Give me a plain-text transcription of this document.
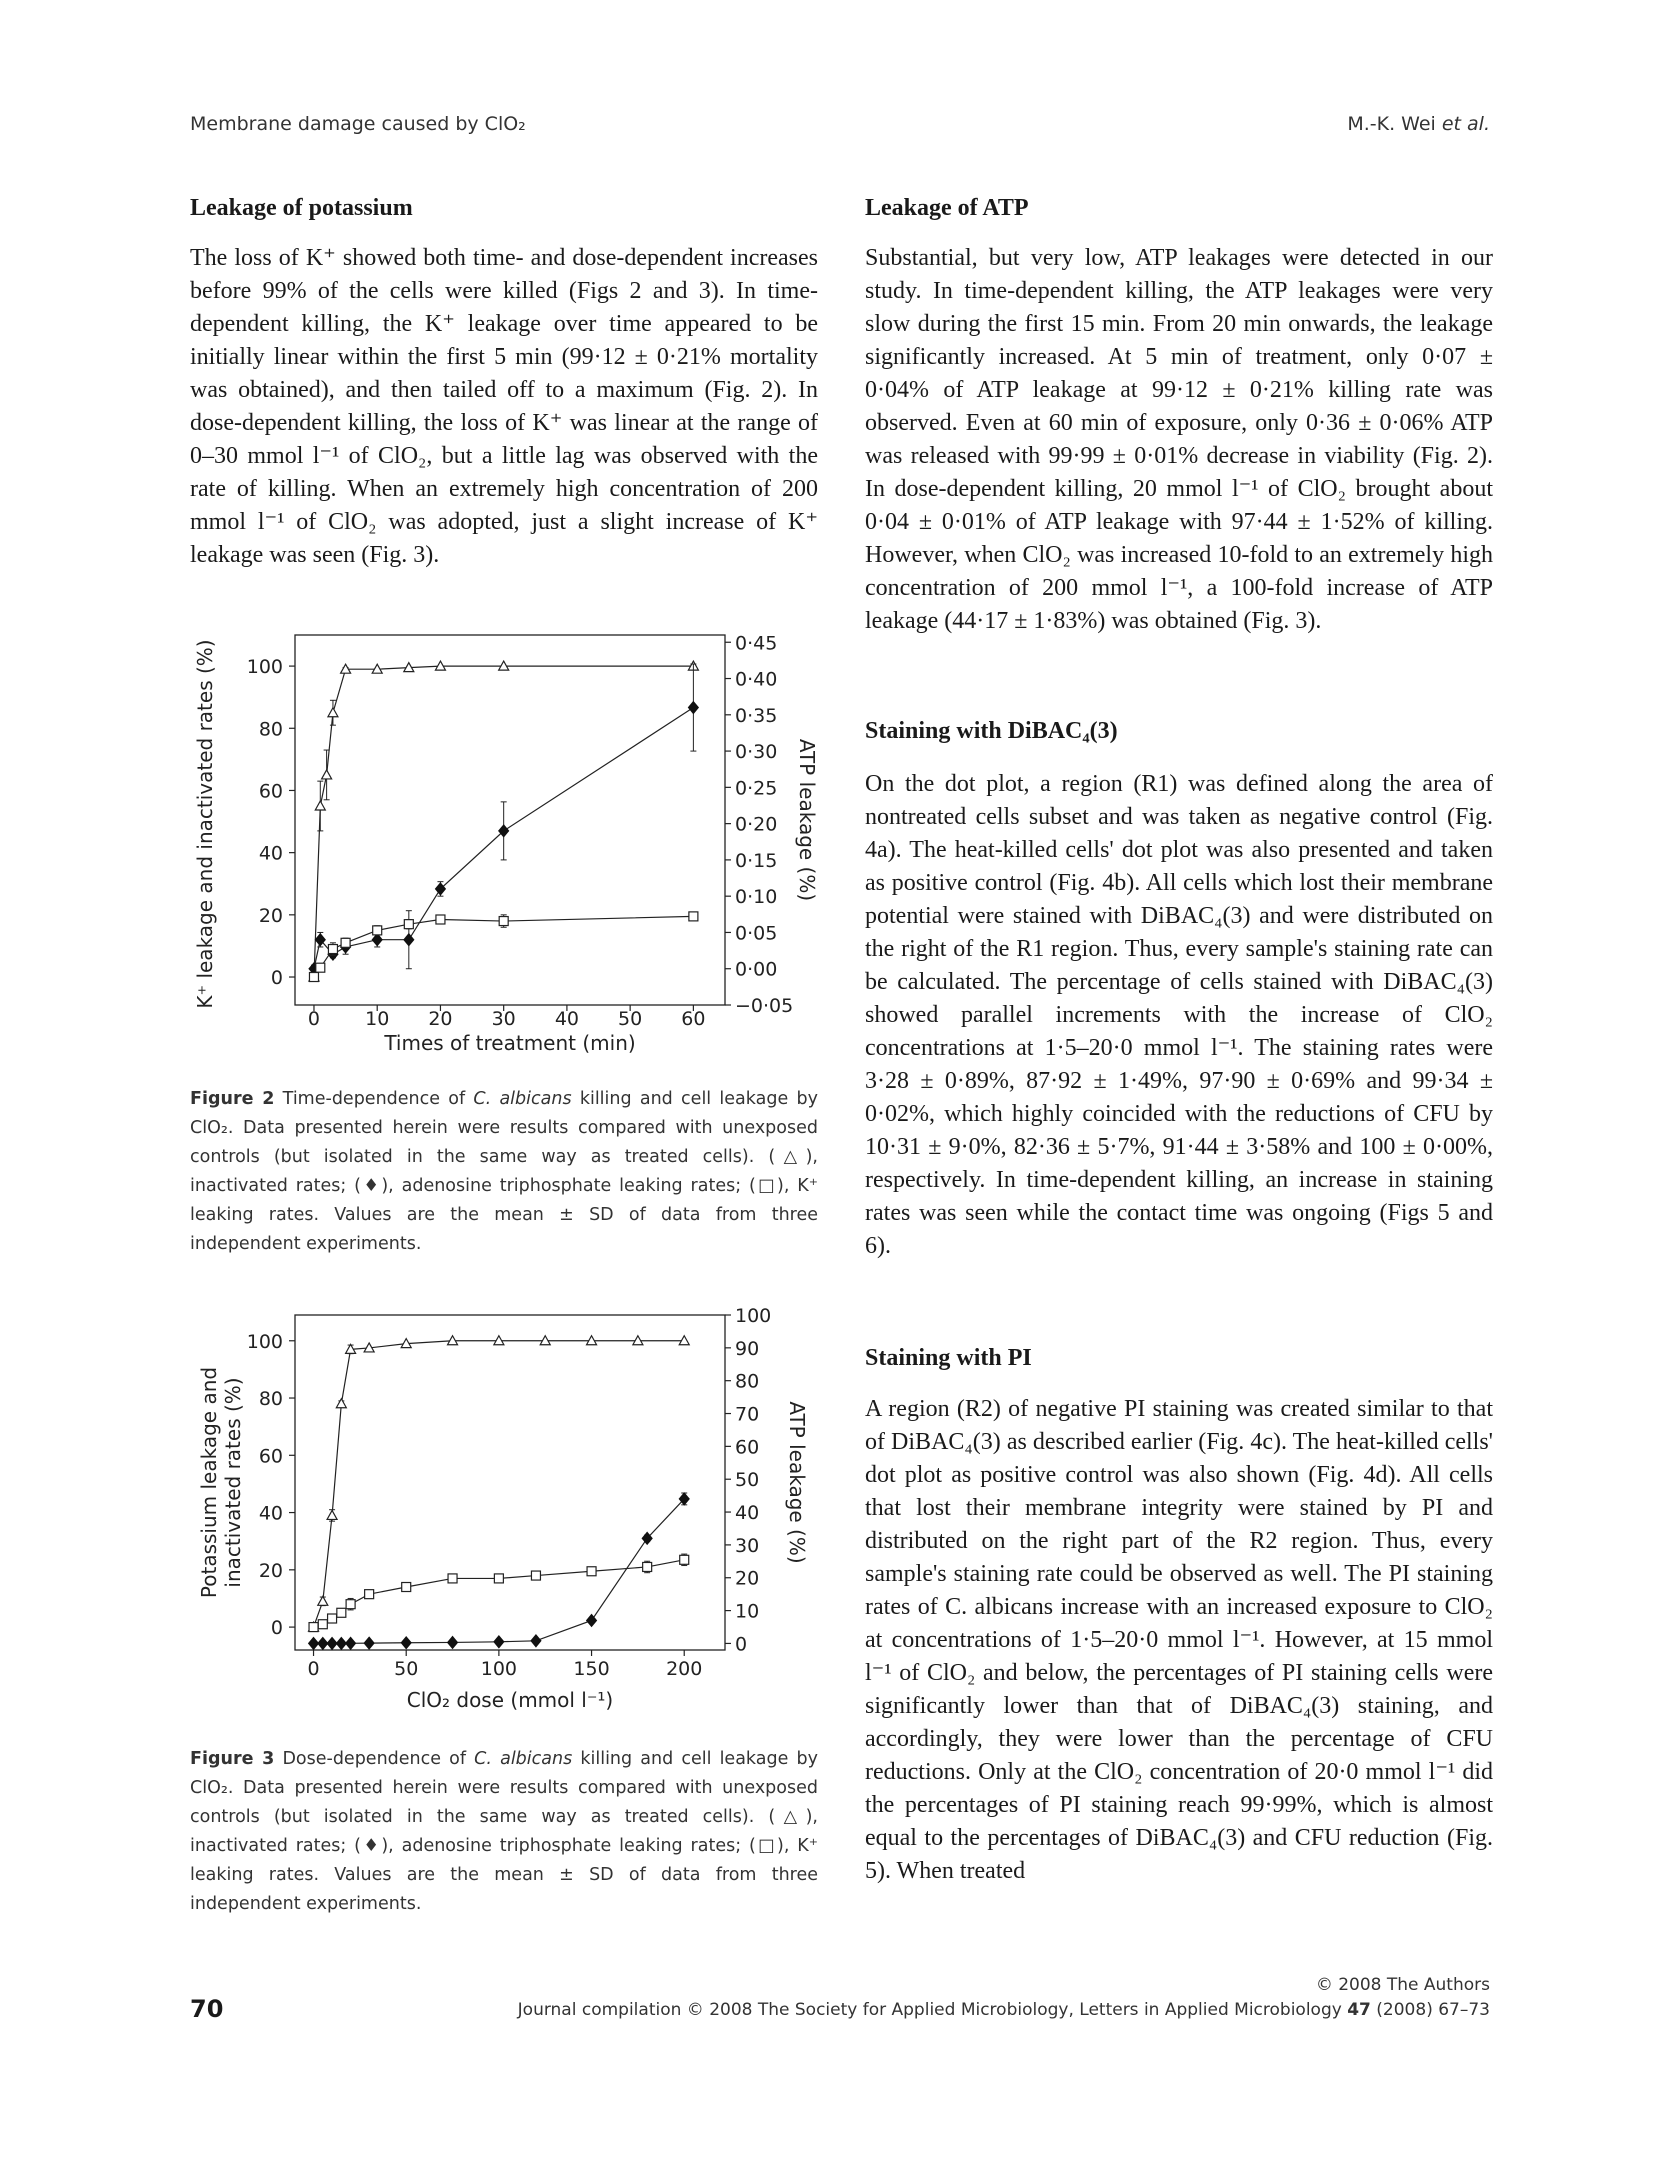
Membrane damage caused by ClO₂	M.-K. Wei et al.
Leakage of potassium
The loss of K⁺ showed both time- and dose-dependent increases before 99% of the cells were killed (Figs 2 and 3). In time-dependent killing, the K⁺ leakage over time appeared to be initially linear within the first 5 min (99·12 ± 0·21% mortality was obtained), and then tailed off to a maximum (Fig. 2). In dose-dependent killing, the loss of K⁺ was linear at the range of 0–30 mmol l⁻¹ of ClO₂, but a little lag was observed with the rate of killing. When an extremely high concentration of 200 mmol l⁻¹ of ClO₂ was adopted, just a slight increase of K⁺ leakage was seen (Fig. 3).
0 10 20 30 40 50 60
0
20
40
60
80
100
0·45
0·40
0·35
0·30
0·25
0·20
0·15
0·10
0·05
0·00
−0·05
Times of treatment (min)
K⁺ leakage and inactivated rates (%)	ATP leakage (%)
Figure 2 Time-dependence of C. albicans killing and cell leakage by ClO₂. Data presented herein were results compared with unexposed controls (but isolated in the same way as treated cells). (△), inactivated rates; (♦), adenosine triphosphate leaking rates; (□), K⁺ leaking rates. Values are the mean ± SD of data from three independent experiments.
0	50	100	150	200
0
20
40
60
80
100
0
10
20
30
40
50
60
70
80
90
100
ClO₂ dose (mmol l⁻¹)
Potassium leakage and inactivated rates (%)	ATP leakage (%)
Figure 3 Dose-dependence of C. albicans killing and cell leakage by ClO₂. Data presented herein were results compared with unexposed controls (but isolated in the same way as treated cells). (△), inactivated rates; (♦), adenosine triphosphate leaking rates; (□), K⁺ leaking rates. Values are the mean ± SD of data from three independent experiments.
Leakage of ATP
Substantial, but very low, ATP leakages were detected in our study. In time-dependent killing, the ATP leakages were very slow during the first 15 min. From 20 min onwards, the leakage significantly increased. At 5 min of treatment, only 0·07 ± 0·04% of ATP leakage at 99·12 ± 0·21% killing rate was observed. Even at 60 min of exposure, only 0·36 ± 0·06% ATP was released with 99·99 ± 0·01% decrease in viability (Fig. 2). In dose-dependent killing, 20 mmol l⁻¹ of ClO₂ brought about 0·04 ± 0·01% of ATP leakage with 97·44 ± 1·52% of killing. However, when ClO₂ was increased 10-fold to an extremely high concentration of 200 mmol l⁻¹, a 100-fold increase of ATP leakage (44·17 ± 1·83%) was obtained (Fig. 3).
Staining with DiBAC₄(3)
On the dot plot, a region (R1) was defined along the area of nontreated cells subset and was taken as negative control (Fig. 4a). The heat-killed cells' dot plot was also presented and taken as positive control (Fig. 4b). All cells which lost their membrane potential were stained with DiBAC₄(3) and were distributed on the right of the R1 region. Thus, every sample's staining rate can be calculated. The percentage of cells stained with DiBAC₄(3) showed parallel increments with the increase of ClO₂ concentrations at 1·5–20·0 mmol l⁻¹. The staining rates were 3·28 ± 0·89%, 87·92 ± 1·49%, 97·90 ± 0·69% and 99·34 ± 0·02%, which highly coincided with the reductions of CFU by 10·31 ± 9·0%, 82·36 ± 5·7%, 91·44 ± 3·58% and 100 ± 0·00%, respectively. In time-dependent killing, an increase in staining rates was seen while the contact time was ongoing (Figs 5 and 6).
Staining with PI
A region (R2) of negative PI staining was created similar to that of DiBAC₄(3) as described earlier (Fig. 4c). The heat-killed cells' dot plot as positive control was also shown (Fig. 4d). All cells that lost their membrane integrity were stained by PI and distributed on the right part of the R2 region. Thus, every sample's staining rate could be observed as well. The PI staining rates of C. albicans increase with an increased exposure to ClO₂ at concentrations of 1·5–20·0 mmol l⁻¹. However, at 15 mmol l⁻¹ of ClO₂ and below, the percentages of PI staining cells were significantly lower than that of DiBAC₄(3) staining, and accordingly, they were lower than the percentage of CFU reductions. Only at the ClO₂ concentration of 20·0 mmol l⁻¹ did the percentages of PI staining reach 99·99%, which is almost equal to the percentages of DiBAC₄(3) and CFU reduction (Fig. 5). When treated
© 2008 The Authors
70	Journal compilation © 2008 The Society for Applied Microbiology, Letters in Applied Microbiology 47 (2008) 67–73
